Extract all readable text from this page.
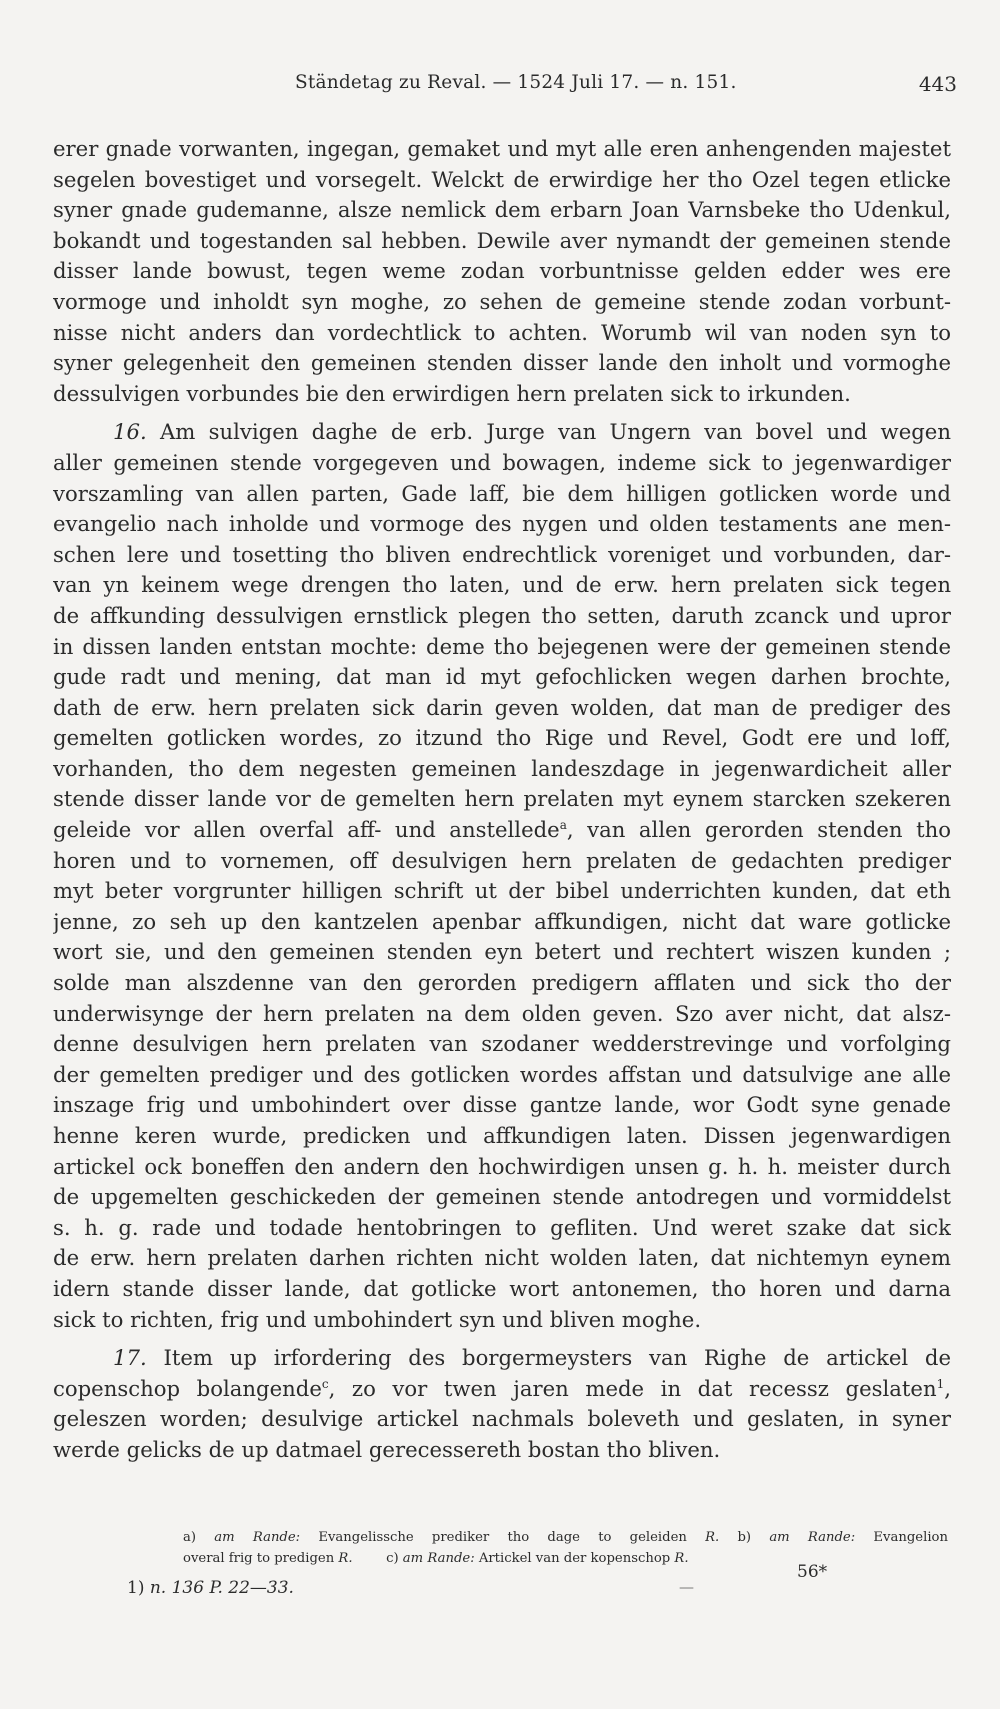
Ständetag zu Reval. — 1524 Juli 17. — n. 151.	443
erer gnade vorwanten, ingegan, gemaket und myt alle eren anhengenden majestet
segelen bovestiget und vorsegelt. Welckt de erwirdige her tho Ozel tegen etlicke
syner gnade gudemanne, alsze nemlick dem erbarn Joan Varnsbeke tho Udenkul,
bokandt und togestanden sal hebben. Dewile aver nymandt der gemeinen stende
disser lande bowust, tegen weme zodan vorbuntnisse gelden edder wes ere
vormoge und inholdt syn moghe, zo sehen de gemeine stende zodan vorbunt-
nisse nicht anders dan vordechtlick to achten. Worumb wil van noden syn to
syner gelegenheit den gemeinen stenden disser lande den inholt und vormoghe
dessulvigen vorbundes bie den erwirdigen hern prelaten sick to irkunden.
16. Am sulvigen daghe de erb. Jurge van Ungern van bovel und wegen
aller gemeinen stende vorgegeven und bowagen, indeme sick to jegenwardiger
vorszamling van allen parten, Gade laff, bie dem hilligen gotlicken worde und
evangelio nach inholde und vormoge des nygen und olden testaments ane men-
schen lere und tosetting tho bliven endrechtlick voreniget und vorbunden, dar-
van yn keinem wege drengen tho laten, und de erw. hern prelaten sick tegen
de affkunding dessulvigen ernstlick plegen tho setten, daruth zcanck und upror
in dissen landen entstan mochte: deme tho bejegenen were der gemeinen stende
gude radt und mening, dat man id myt gefochlicken wegen darhen brochte,
dath de erw. hern prelaten sick darin geven wolden, dat man de prediger des
gemelten gotlicken wordes, zo itzund tho Rige und Revel, Godt ere und loff,
vorhanden, tho dem negesten gemeinen landeszdage in jegenwardicheit aller
stende disser lande vor de gemelten hern prelaten myt eynem starcken szekeren
geleide vor allen overfal aff- und anstellede$^a$, van allen gerorden stenden tho
horen und to vornemen, off desulvigen hern prelaten de gedachten prediger
myt beter vorgrunter hilligen schrift ut der bibel underrichten kunden, dat eth
jenne, zo seh up den kantzelen apenbar affkundigen, nicht dat ware gotlicke
wort sie, und den gemeinen stenden eyn betert und rechtert wiszen kunden ;
solde man alszdenne van den gerorden predigern afflaten und sick tho der
underwisynge der hern prelaten na dem olden geven. Szo aver nicht, dat alsz-
denne desulvigen hern prelaten van szodaner wedderstrevinge und vorfolging
der gemelten prediger und des gotlicken wordes affstan und datsulvige ane alle
inszage frig und umbohindert over disse gantze lande, wor Godt syne genade
henne keren wurde, predicken und affkundigen laten. Dissen jegenwardigen
artickel ock boneffen den andern den hochwirdigen unsen g. h. h. meister durch
de upgemelten geschickeden der gemeinen stende antodregen und vormiddelst
s. h. g. rade und todade hentobringen to gefliten. Und weret szake dat sick
de erw. hern prelaten darhen richten nicht wolden laten, dat nichtemyn eynem
idern stande disser lande, dat gotlicke wort antonemen, tho horen und darna
sick to richten, frig und umbohindert syn und bliven moghe.
17. Item up irfordering des borgermeysters van Righe de artickel de
copenschop bolangende$^c$, zo vor twen jaren mede in dat recessz geslaten$^1$,
geleszen worden; desulvige artickel nachmals boleveth und geslaten, in syner
werde gelicks de up datmael gerecessereth bostan tho bliven.
a) am Rande: Evangelissche prediker tho dage to geleiden R. b) am Rande: Evangelion
overal frig to predigen R.	c) am Rande: Artickel van der kopenschop R.
1) n. 136 P. 22—33.	—
56*
